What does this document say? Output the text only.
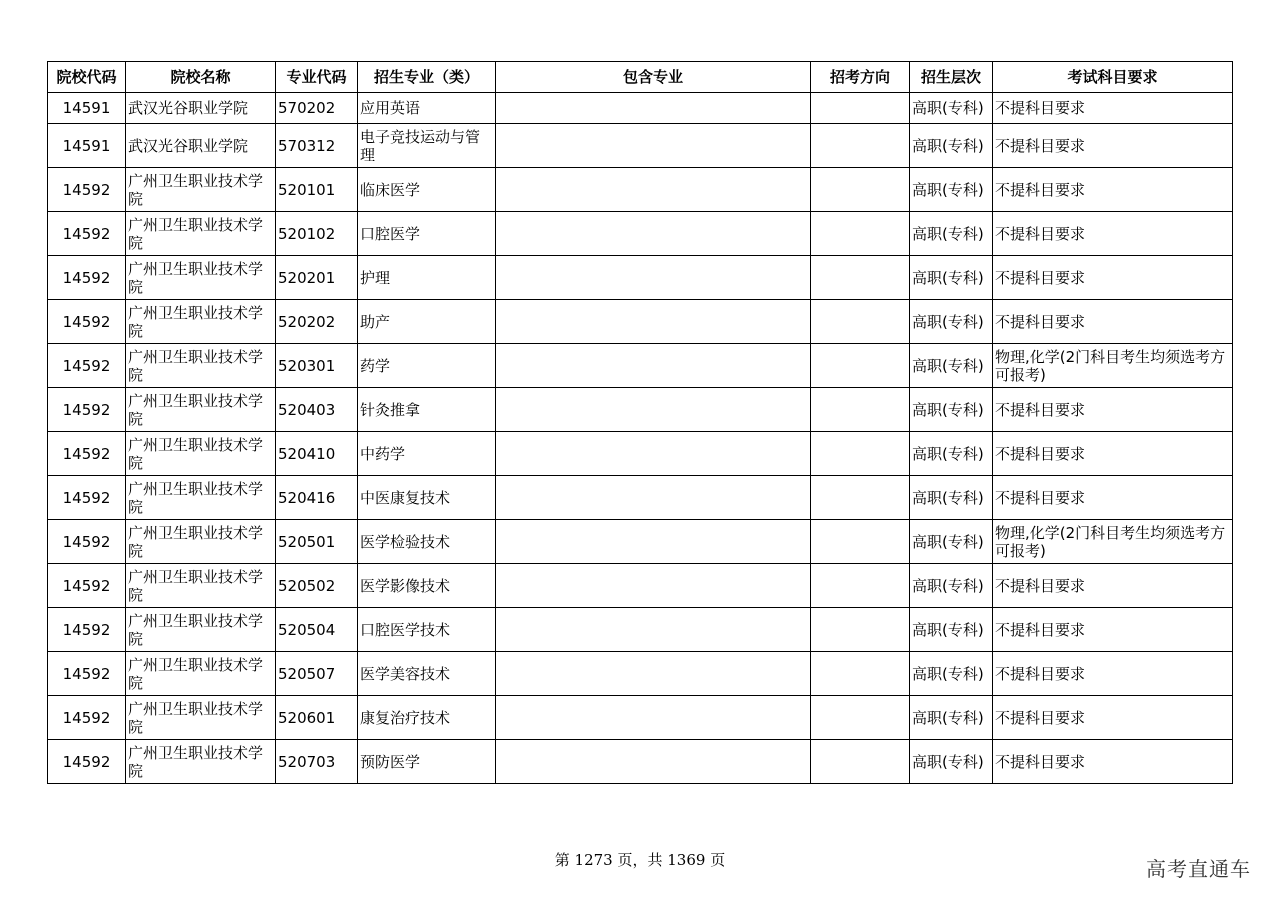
院校代码	院校名称	专业代码	招生专业（类）	包含专业	招考方向	招生层次	考试科目要求
14591	武汉光谷职业学院	570202	应用英语			高职(专科)	不提科目要求
14591	武汉光谷职业学院	570312	电子竞技运动与管理			高职(专科)	不提科目要求
14592	广州卫生职业技术学院	520101	临床医学			高职(专科)	不提科目要求
14592	广州卫生职业技术学院	520102	口腔医学			高职(专科)	不提科目要求
14592	广州卫生职业技术学院	520201	护理			高职(专科)	不提科目要求
14592	广州卫生职业技术学院	520202	助产			高职(专科)	不提科目要求
14592	广州卫生职业技术学院	520301	药学			高职(专科)	物理,化学(2门科目考生均须选考方可报考)
14592	广州卫生职业技术学院	520403	针灸推拿			高职(专科)	不提科目要求
14592	广州卫生职业技术学院	520410	中药学			高职(专科)	不提科目要求
14592	广州卫生职业技术学院	520416	中医康复技术			高职(专科)	不提科目要求
14592	广州卫生职业技术学院	520501	医学检验技术			高职(专科)	物理,化学(2门科目考生均须选考方可报考)
14592	广州卫生职业技术学院	520502	医学影像技术			高职(专科)	不提科目要求
14592	广州卫生职业技术学院	520504	口腔医学技术			高职(专科)	不提科目要求
14592	广州卫生职业技术学院	520507	医学美容技术			高职(专科)	不提科目要求
14592	广州卫生职业技术学院	520601	康复治疗技术			高职(专科)	不提科目要求
14592	广州卫生职业技术学院	520703	预防医学			高职(专科)	不提科目要求
第 1273 页，共 1369 页	高考直通车
